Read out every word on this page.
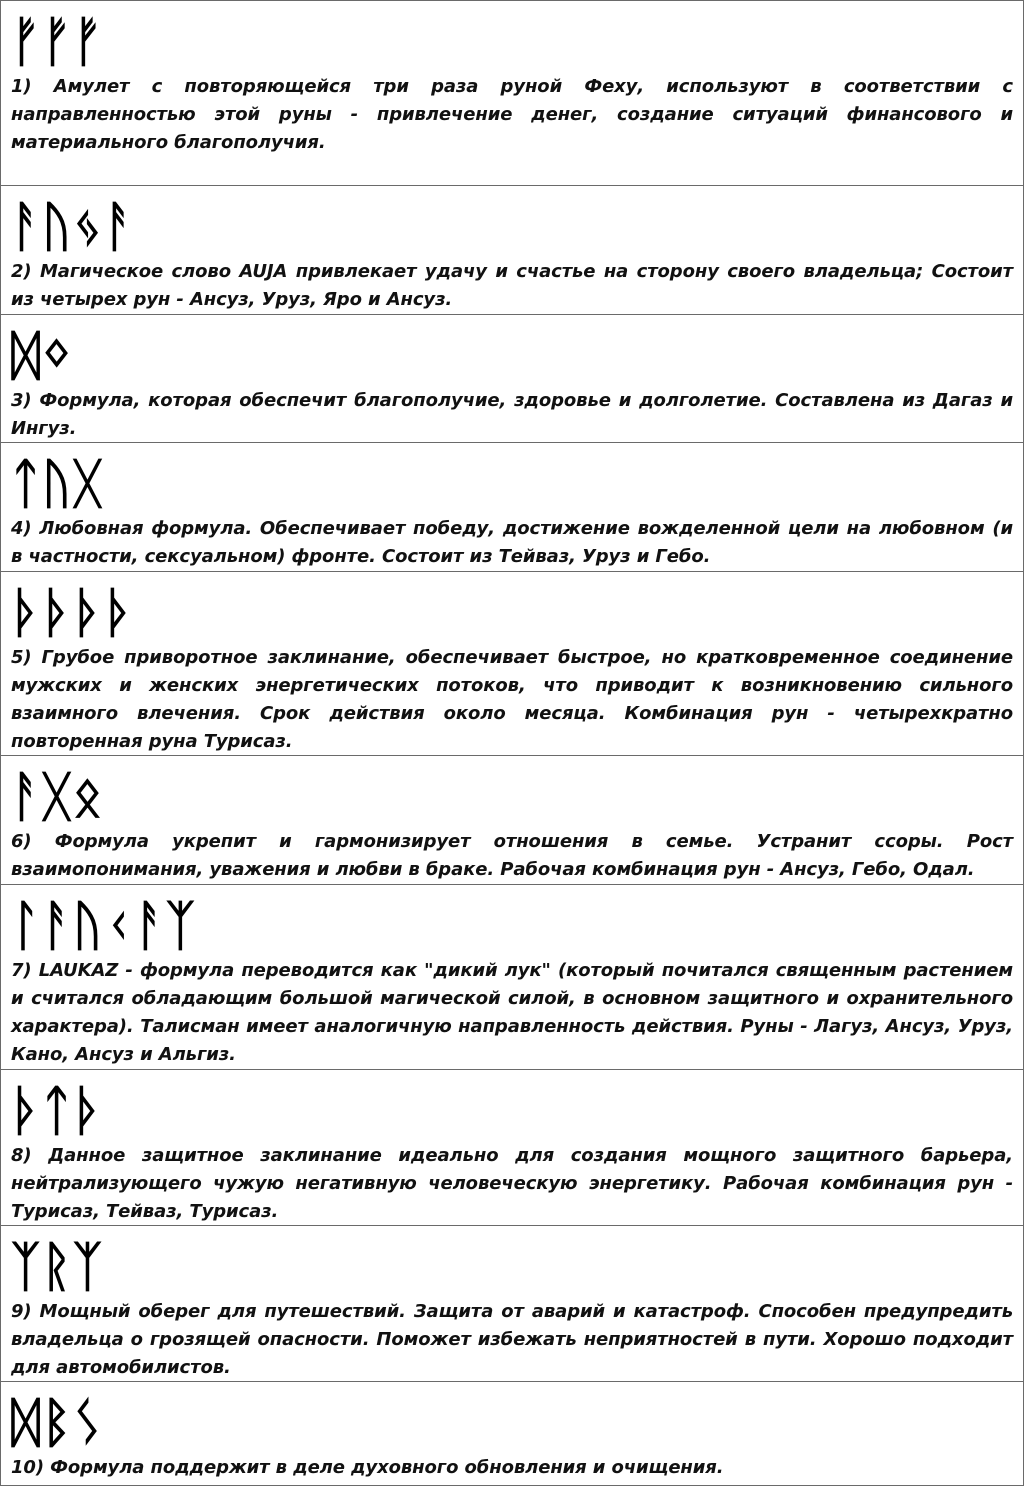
ᚠᚠᚠ

1) Амулет с повторяющейся три раза руной Феху, используют в соответствии с направленностью этой руны - привлечение денег, создание ситуаций финансового и материального благополучия.

ᚨᚢᛃᚨ

2) Магическое слово AUJA привлекает удачу и счастье на сторону своего владельца; Состоит из четырех рун - Ансуз, Уруз, Яро и Ансуз.

ᛞᛜ

3) Формула, которая обеспечит благополучие, здоровье и долголетие. Составлена из Дагаз и Ингуз.

ᛏᚢᚷ

4) Любовная формула. Обеспечивает победу, достижение вожделенной цели на любовном (и в частности, сексуальном) фронте. Состоит из Тейваз, Уруз и Гебо.

ᚦᚦᚦᚦ

5) Грубое приворотное заклинание, обеспечивает быстрое, но кратковременное соединение мужских и женских энергетических потоков, что приводит к возникновению сильного взаимного влечения. Срок действия около месяца. Комбинация рун - четырехкратно повторенная руна Турисаз.

ᚨᚷᛟ

6) Формула укрепит и гармонизирует отношения в семье. Устранит ссоры. Рост взаимопонимания, уважения и любви в браке. Рабочая комбинация рун - Ансуз, Гебо, Одал.

ᛚᚨᚢᚲᚨᛉ

7) LAUKAZ - формула переводится как "дикий лук" (который почитался священным растением и считался обладающим большой магической силой, в основном защитного и охранительного характера). Талисман имеет аналогичную направленность действия. Руны - Лагуз, Ансуз, Уруз, Кано, Ансуз и Альгиз.

ᚦᛏᚦ

8) Данное защитное заклинание идеально для создания мощного защитного барьера, нейтрализующего чужую негативную человеческую энергетику. Рабочая комбинация рун - Турисаз, Тейваз, Турисаз.

ᛉᚱᛉ

9) Мощный оберег для путешествий. Защита от аварий и катастроф. Способен предупредить владельца о грозящей опасности. Поможет избежать неприятностей в пути. Хорошо подходит для автомобилистов.

ᛞᛒᛊ

10) Формула поддержит в деле духовного обновления и очищения.
